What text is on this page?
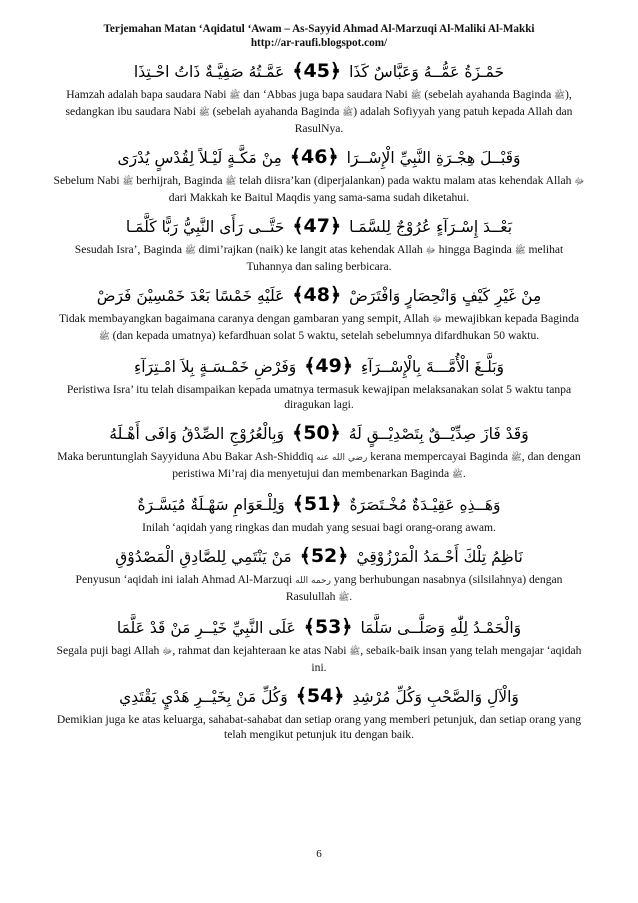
Terjemahan Matan ‘Aqidatul ‘Awam – As-Sayyid Ahmad Al-Marzuqi Al-Maliki Al-Makki
http://ar-raufi.blogspot.com/
حَمْـزَةُ عَمُّــهُ وَعَبَّاسٌ كَذَا﴾45﴿عَمَّـتُهُ صَفِيَّـةٌ ذَاتُ احْـتِذَا
Hamzah adalah bapa saudara Nabi ﷺ dan ‘Abbas juga bapa saudara Nabi ﷺ (sebelah ayahanda Baginda ﷺ), sedangkan ibu saudara Nabi ﷺ (sebelah ayahanda Baginda ﷺ) adalah Sofiyyah yang patuh kepada Allah dan RasulNya.
وَقَبْــلَ هِجْـرَةِ النَّبِيِّ الْإِسْــرَا﴾46﴿مِنْ مَكَّـةٍ لَيْـلاً لِقُدْسٍ يُدْرَى
Sebelum Nabi ﷺ berhijrah, Baginda ﷺ telah diisra’kan (diperjalankan) pada waktu malam atas kehendak Allah ﷻ dari Makkah ke Baitul Maqdis yang sama-sama sudah diketahui.
بَعْــدَ إِسْـرَآءٍ عُرُوْجٌ لِلسَّمَـا﴾47﴿حَتَّــى رَأَى النَّبِيُّ رَبًّا كَلَّمَـا
Sesudah Isra’, Baginda ﷺ dimi’rajkan (naik) ke langit atas kehendak Allah ﷻ hingga Baginda ﷺ melihat Tuhannya dan saling berbicara.
مِنْ غَيْرِ كَيْفٍ وَانْحِصَارٍ وَافْتَرَضْ﴾48﴿عَلَيْهِ خَمْسًا بَعْدَ خَمْسِيْنَ فَرَضْ
Tidak membayangkan bagaimana caranya dengan gambaran yang sempit, Allah ﷻ mewajibkan kepada Baginda ﷺ (dan kepada umatnya) kefardhuan solat 5 waktu, setelah sebelumnya difardhukan 50 waktu.
وَبَلَّـغَ الْأُمَّـــةَ بِالْإِسْــرَآءِ﴾49﴿وَفَرْضِ خَمْـسَـةٍ بِلاَ امْـتِرَآءِ
Peristiwa Isra’ itu telah disampaikan kepada umatnya termasuk kewajipan melaksanakan solat 5 waktu tanpa diragukan lagi.
وَقَدْ فَازَ صِدِّيْــقٌ بِتَصْدِيْــقٍ لَهُ﴾50﴿وَبِالْعُرُوْجِ الصِّدْقُ وَافَى أَهْـلَهُ
Maka beruntunglah Sayyiduna Abu Bakar Ash-Shiddiq رضي الله عنه kerana mempercayai Baginda ﷺ, dan dengan peristiwa Mi’raj dia menyetujui dan membenarkan Baginda ﷺ.
وَهَــذِهِ عَقِيْـدَةٌ مُخْـتَصَرَةٌ﴾51﴿وَلِلْـعَوَامِ سَهْـلَةٌ مُيَسَّـرَةٌ
Inilah ‘aqidah yang ringkas dan mudah yang sesuai bagi orang-orang awam.
نَاظِمُ تِلْكَ أَحْـمَدُ الْمَرْزُوْقِيْ﴾52﴿مَنْ يَنْتَمِي لِلصَّادِقِ الْمَصْدُوْقِ
Penyusun ‘aqidah ini ialah Ahmad Al-Marzuqi رحمه الله yang berhubungan nasabnya (silsilahnya) dengan Rasulullah ﷺ.
وَالْحَمْـدُ لِلّٰهِ وَصَلَّــى سَلَّمَا﴾53﴿عَلَى النَّبِيِّ خَيْــرِ مَنْ قَدْ عَلَّمَا
Segala puji bagi Allah ﷻ, rahmat dan kejahteraan ke atas Nabi ﷺ, sebaik-baik insan yang telah mengajar ‘aqidah ini.
وَالْآلِ وَالصَّحْبِ وَكُلِّ مُرْشِدِ﴾54﴿وَكُلِّ مَنْ بِخَيْــرِ هَدْيٍ يَقْتَدِي
Demikian juga ke atas keluarga, sahabat-sahabat dan setiap orang yang memberi petunjuk, dan setiap orang yang telah mengikut petunjuk itu dengan baik.
6
